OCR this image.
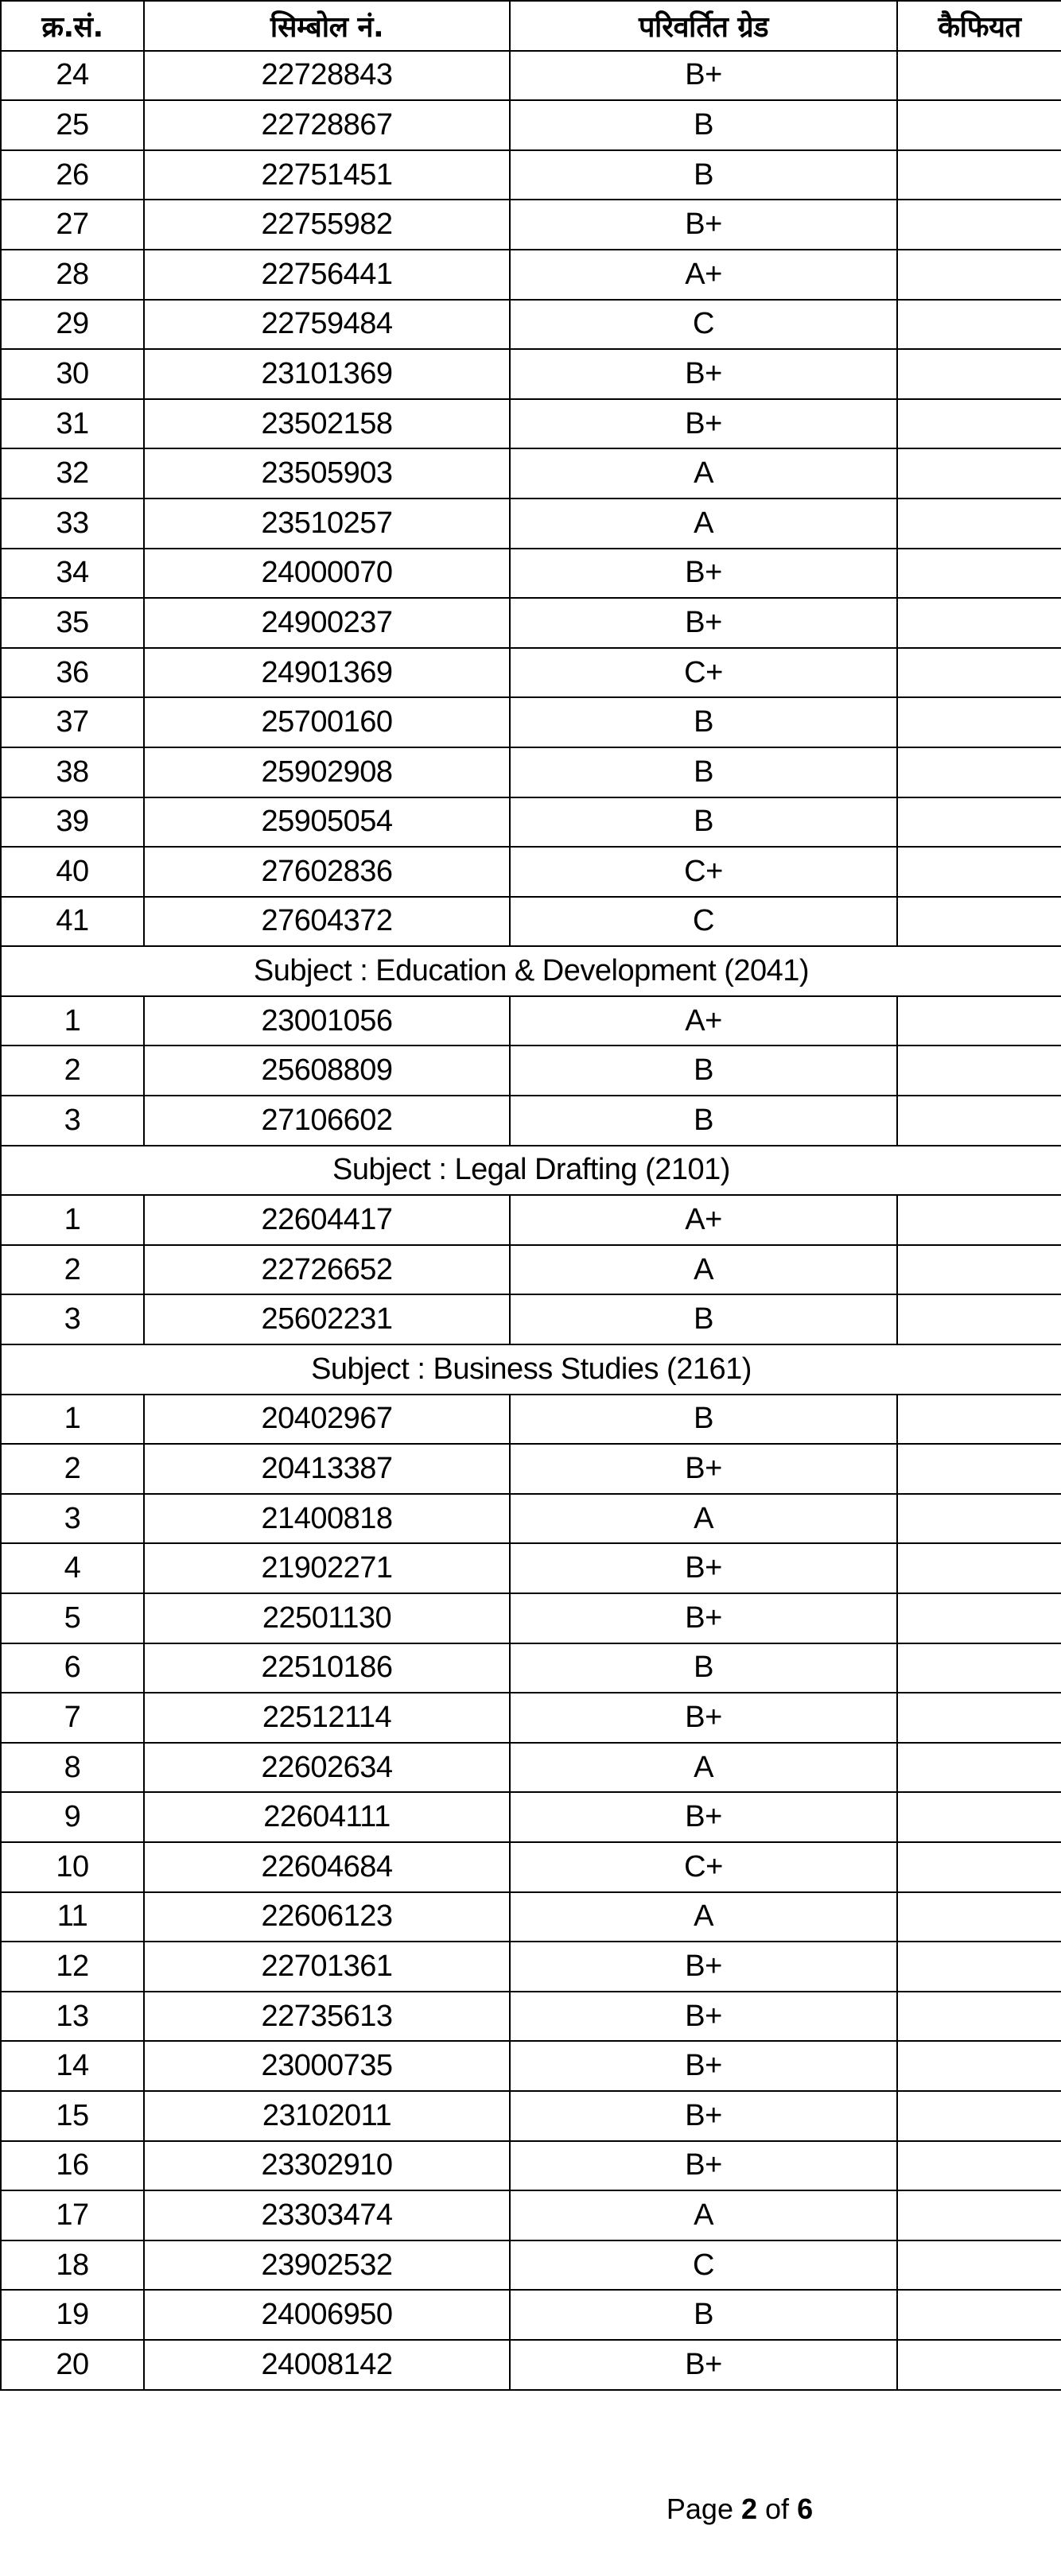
क्र.सं.	सिम्बोल नं.	परिवर्तित ग्रेड	कैफियत
24	22728843	B+	
25	22728867	B	
26	22751451	B	
27	22755982	B+	
28	22756441	A+	
29	22759484	C	
30	23101369	B+	
31	23502158	B+	
32	23505903	A	
33	23510257	A	
34	24000070	B+	
35	24900237	B+	
36	24901369	C+	
37	25700160	B	
38	25902908	B	
39	25905054	B	
40	27602836	C+	
41	27604372	C	
Subject : Education & Development (2041)			
1	23001056	A+	
2	25608809	B	
3	27106602	B	
Subject : Legal Drafting (2101)			
1	22604417	A+	
2	22726652	A	
3	25602231	B	
Subject : Business Studies (2161)			
1	20402967	B	
2	20413387	B+	
3	21400818	A	
4	21902271	B+	
5	22501130	B+	
6	22510186	B	
7	22512114	B+	
8	22602634	A	
9	22604111	B+	
10	22604684	C+	
11	22606123	A	
12	22701361	B+	
13	22735613	B+	
14	23000735	B+	
15	23102011	B+	
16	23302910	B+	
17	23303474	A	
18	23902532	C	
19	24006950	B	
20	24008142	B+	
Page 2 of 6
